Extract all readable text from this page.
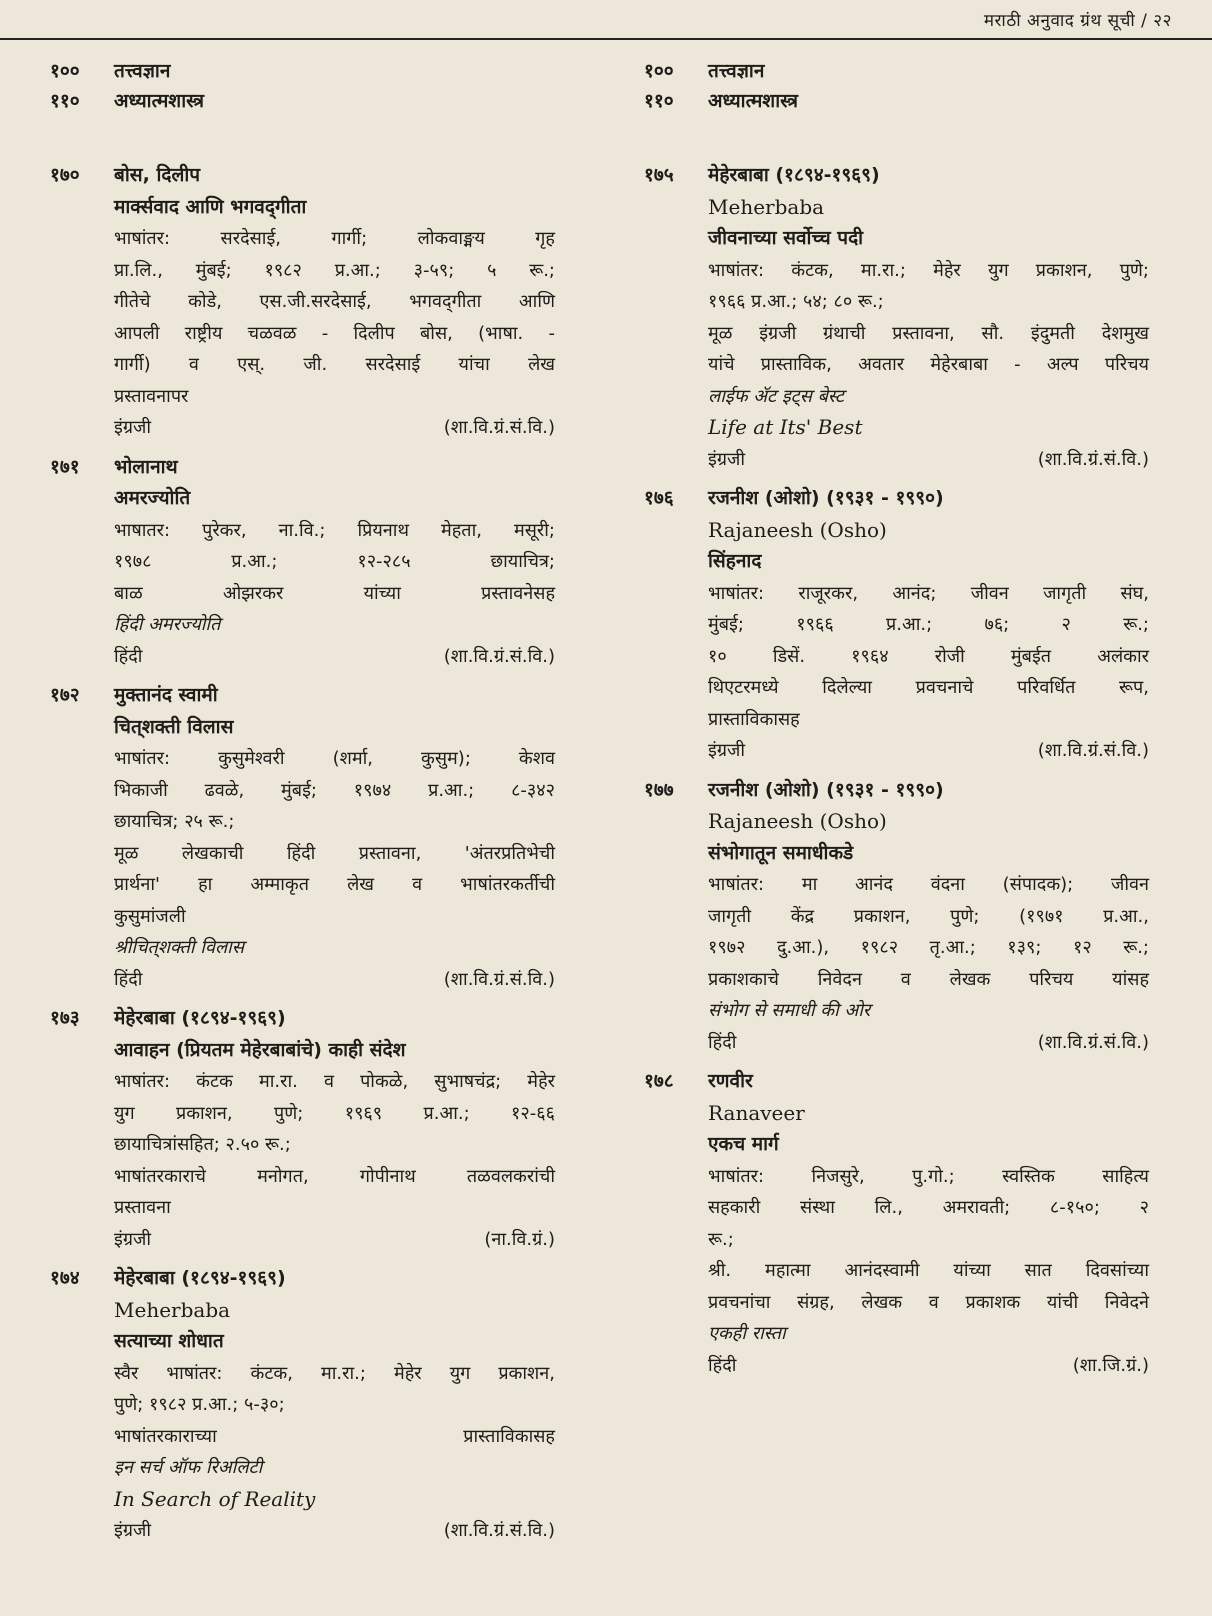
मराठी अनुवाद ग्रंथ सूची / २२
१००	तत्त्वज्ञान
११०	अध्यात्मशास्त्र
१७०	बोस, दिलीप
मार्क्सवाद आणि भगवद्‌गीता
भाषांतर: सरदेसाई, गार्गी; लोकवाङ्मय गृह
प्रा.लि., मुंबई; १९८२ प्र.आ.; ३-५९; ५ रू.;
गीतेचे कोडे, एस.जी.सरदेसाई, भगवद्‌गीता आणि
आपली राष्ट्रीय चळवळ - दिलीप बोस, (भाषा. -
गार्गी) व एस्. जी. सरदेसाई यांचा लेख
प्रस्तावनापर
इंग्रजी	(शा.वि.ग्रं.सं.वि.)
१७१	भोलानाथ
अमरज्योति
भाषातर: पुरेकर, ना.वि.; प्रियनाथ मेहता, मसूरी;
१९७८ प्र.आ.; १२-२८५ छायाचित्र;
बाळ ओझरकर यांच्या प्रस्तावनेसह
हिंदी अमरज्योति
हिंदी	(शा.वि.ग्रं.सं.वि.)
१७२	मुक्तानंद स्वामी
चित्‌शक्ती विलास
भाषांतर: कुसुमेश्वरी (शर्मा, कुसुम); केशव
भिकाजी ढवळे, मुंबई; १९७४ प्र.आ.; ८-३४२
छायाचित्र; २५ रू.;
मूळ लेखकाची हिंदी प्रस्तावना, 'अंतरप्रतिभेची
प्रार्थना' हा अम्माकृत लेख व भाषांतरकर्तीची
कुसुमांजली
श्रीचित्‌शक्ती विलास
हिंदी	(शा.वि.ग्रं.सं.वि.)
१७३	मेहेरबाबा (१८९४-१९६९)
आवाहन (प्रियतम मेहेरबाबांचे) काही संदेश
भाषांतर: कंटक मा.रा. व पोकळे, सुभाषचंद्र; मेहेर
युग प्रकाशन, पुणे; १९६९ प्र.आ.; १२-६६
छायाचित्रांसहित; २.५० रू.;
भाषांतरकाराचे मनोगत, गोपीनाथ तळवलकरांची
प्रस्तावना
इंग्रजी	(ना.वि.ग्रं.)
१७४	मेहेरबाबा (१८९४-१९६९)
Meherbaba
सत्याच्या शोधात
स्वैर भाषांतर: कंटक, मा.रा.; मेहेर युग प्रकाशन,
पुणे; १९८२ प्र.आ.; ५-३०;
भाषांतरकाराच्या प्रास्ताविकासह
इन सर्च ऑफ रिअलिटी
In Search of Reality
इंग्रजी	(शा.वि.ग्रं.सं.वि.)
१००	तत्त्वज्ञान
११०	अध्यात्मशास्त्र
१७५	मेहेरबाबा (१८९४-१९६९)
Meherbaba
जीवनाच्या सर्वोच्च पदी
भाषांतर: कंटक, मा.रा.; मेहेर युग प्रकाशन, पुणे;
१९६६ प्र.आ.; ५४; ८० रू.;
मूळ इंग्रजी ग्रंथाची प्रस्तावना, सौ. इंदुमती देशमुख
यांचे प्रास्ताविक, अवतार मेहेरबाबा - अल्प परिचय
लाईफ ॲट इट्स बेस्ट
Life at Its' Best
इंग्रजी	(शा.वि.ग्रं.सं.वि.)
१७६	रजनीश (ओशो) (१९३१ - १९९०)
Rajaneesh (Osho)
सिंहनाद
भाषांतर: राजूरकर, आनंद; जीवन जागृती संघ,
मुंबई; १९६६ प्र.आ.; ७६; २ रू.;
१० डिसें. १९६४ रोजी मुंबईत अलंकार
थिएटरमध्ये दिलेल्या प्रवचनाचे परिवर्धित रूप,
प्रास्ताविकासह
इंग्रजी	(शा.वि.ग्रं.सं.वि.)
१७७	रजनीश (ओशो) (१९३१ - १९९०)
Rajaneesh (Osho)
संभोगातून समाधीकडे
भाषांतर: मा आनंद वंदना (संपादक); जीवन
जागृती केंद्र प्रकाशन, पुणे; (१९७१ प्र.आ.,
१९७२ दु.आ.), १९८२ तृ.आ.; १३९; १२ रू.;
प्रकाशकाचे निवेदन व लेखक परिचय यांसह
संभोग से समाधी की ओर
हिंदी	(शा.वि.ग्रं.सं.वि.)
१७८	रणवीर
Ranaveer
एकच मार्ग
भाषांतर: निजसुरे, पु.गो.; स्वस्तिक साहित्य
सहकारी संस्था लि., अमरावती; ८-१५०; २
रू.;
श्री. महात्मा आनंदस्वामी यांच्या सात दिवसांच्या
प्रवचनांचा संग्रह, लेखक व प्रकाशक यांची निवेदने
एकही रास्ता
हिंदी	(शा.जि.ग्रं.)
